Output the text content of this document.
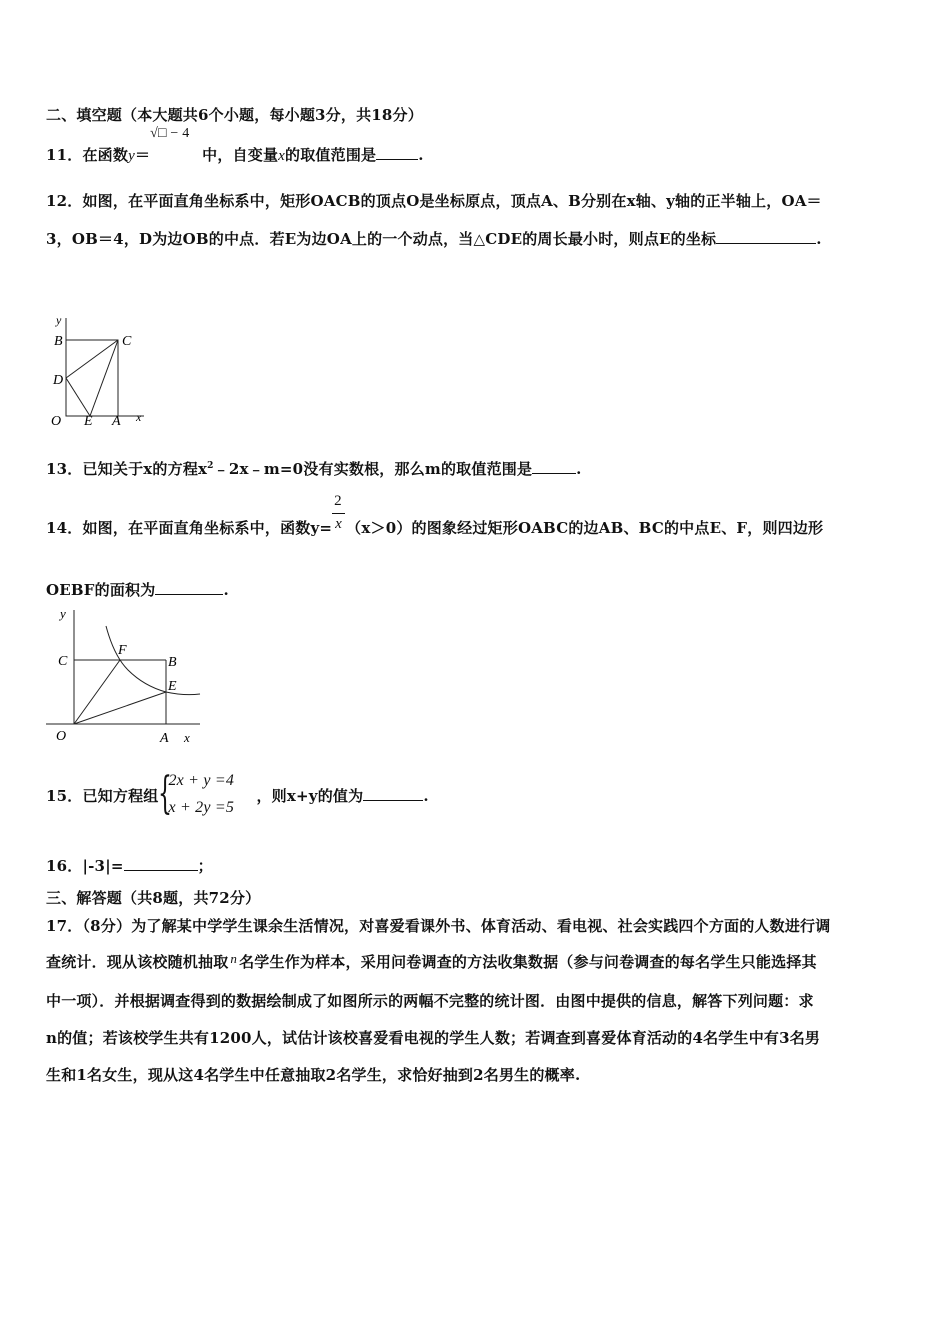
二、填空题（本大题共6个小题，每小题3分，共18分）
11．在函数y＝
√□ − 4
中，自变量x的取值范围是	.
12．如图，在平面直角坐标系中，矩形OACB的顶点O是坐标原点，顶点A、B分别在x轴、y轴的正半轴上，OA＝
3，OB＝4，D为边OB的中点．若E为边OA上的一个动点，当△CDE的周长最小时，则点E的坐标	.
y
B	C
D
O E A x
13．已知关于x的方程$x^2﹣2x﹣m=0$没有实数根，那么m的取值范围是	.
14．如图，在平面直角坐标系中，函数$y= \frac{2}{x} (x>0)$的图象经过矩形OABC的边AB、BC的中点E、F，则四边形
OEBF的面积为	.
y
C
F
B
E
O	A x
15．已知方程组 {
2x + y =4
x + 2y =5
，则x+y的值为	.
16．|-3|=	；
三、解答题（共8题，共72分）
17．（8分）为了解某中学学生课余生活情况，对喜爱看课外书、体育活动、看电视、社会实践四个方面的人数进行调
查统计．现从该校随机抽取 n 名学生作为样本，采用问卷调查的方法收集数据（参与问卷调查的每名学生只能选择其
中一项）．并根据调查得到的数据绘制成了如图所示的两幅不完整的统计图．由图中提供的信息，解答下列问题：求
n的值；若该校学生共有1200人，试估计该校喜爱看电视的学生人数；若调查到喜爱体育活动的4名学生中有3名男
生和1名女生，现从这4名学生中任意抽取2名学生，求恰好抽到2名男生的概率.
